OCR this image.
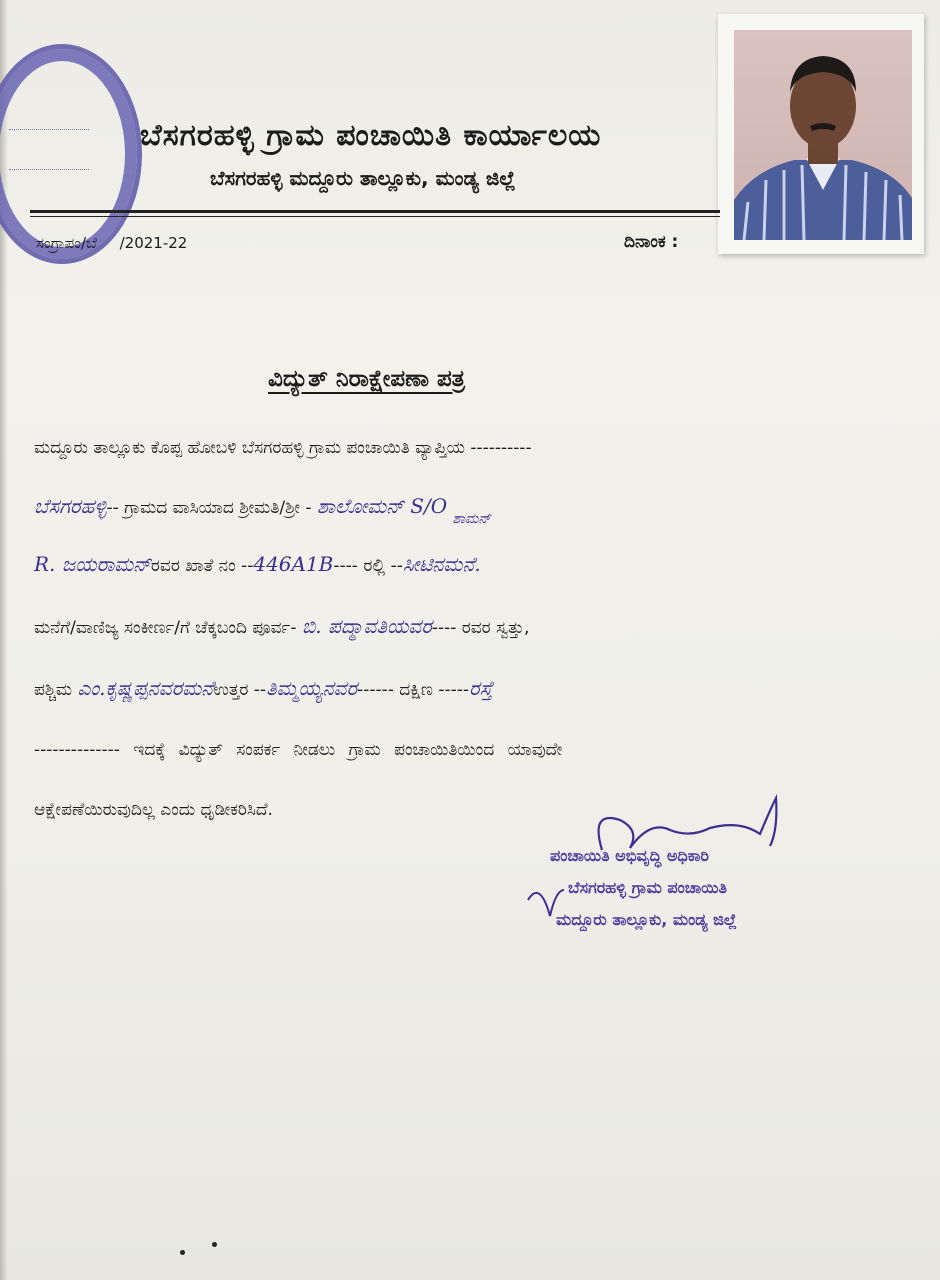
ಬೆಸಗರಹಳ್ಳಿ ಗ್ರಾಮ ಪಂಚಾಯಿತಿ ಕಾರ್ಯಾಲಯ
ಬೆಸಗರಹಳ್ಳಿ ಮದ್ದೂರು ತಾಲ್ಲೂಕು, ಮಂಡ್ಯ ಜಿಲ್ಲೆ
ಸಂಗ್ರಾಪಂ/ಬೆ /2021-22	ದಿನಾಂಕ :
ವಿದ್ಯುತ್ ನಿರಾಕ್ಷೇಪಣಾ ಪತ್ರ
ಮದ್ದೂರು ತಾಲ್ಲೂಕು ಕೊಪ್ಪ ಹೋಬಳಿ ಬೆಸಗರಹಳ್ಳಿ ಗ್ರಾಮ ಪಂಚಾಯಿತಿ ವ್ಯಾಪ್ತಿಯ ----------
ಬೆಸಗರಹಳ್ಳಿ-- ಗ್ರಾಮದ ವಾಸಿಯಾದ ಶ್ರೀಮತಿ/ಶ್ರೀ - ಶಾಲೋಮನ್ S/O $_{ಶಾಮನ್}$
R. ಜಯರಾಮನ್ರವರ ಖಾತೆ ನಂ --446A1B---- ರಲ್ಲಿ --ಸೀಟಿನಮನೆ.
ಮನೆಗೆ/ವಾಣಿಜ್ಯ ಸಂಕೀರ್ಣ/ಗೆ ಚೆಕ್ಕಬಂದಿ ಪೂರ್ವ- ಬಿ. ಪದ್ಮಾವತಿಯವರ---- ರವರ ಸ್ವತ್ತು,
ಪಶ್ಚಿಮ ಎಂ.ಕೃಷ್ಣಪ್ಪನವರಮನೆಉತ್ತರ --ತಿಮ್ಮಯ್ಯನವರ------ ದಕ್ಷಿಣ -----ರಸ್ತೆ
-------------- ಇದಕ್ಕೆ ವಿದ್ಯುತ್ ಸಂಪರ್ಕ ನೀಡಲು ಗ್ರಾಮ ಪಂಚಾಯಿತಿಯಿಂದ ಯಾವುದೇ
ಆಕ್ಷೇಪಣೆಯಿರುವುದಿಲ್ಲ ಎಂದು ಧೃಡೀಕರಿಸಿದೆ.
ಪಂಚಾಯಿತಿ ಅಭಿವೃದ್ಧಿ ಅಧಿಕಾರಿ
ಬೆಸಗರಹಳ್ಳಿ ಗ್ರಾಮ ಪಂಚಾಯಿತಿ
ಮದ್ದೂರು ತಾಲ್ಲೂಕು, ಮಂಡ್ಯ ಜಿಲ್ಲೆ
